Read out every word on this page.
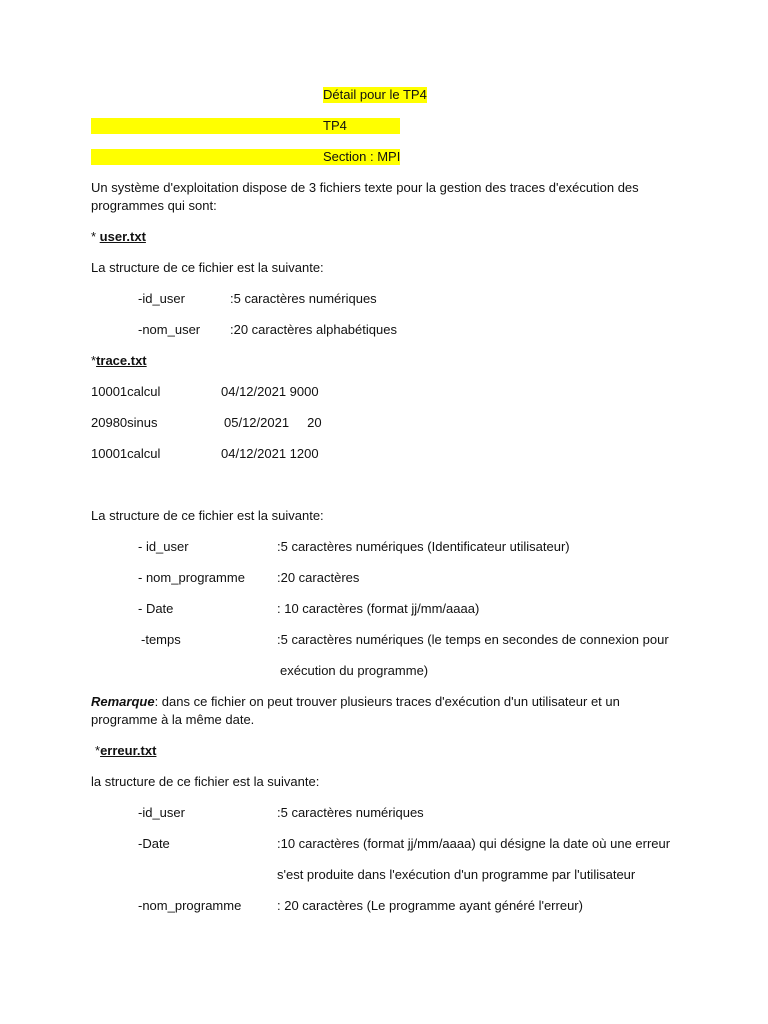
Détail pour le TP4
TP4
Section : MPI
Un système d'exploitation dispose de 3 fichiers texte pour la gestion des traces d'exécution des programmes qui sont:
* user.txt
La structure de ce fichier est la suivante:
-id_user	:5 caractères numériques
-nom_user :20 caractères alphabétiques
*trace.txt
10001calcul	04/12/2021 9000
20980sinus	05/12/2021     20
10001calcul	04/12/2021 1200
La structure de ce fichier est la suivante:
- id_user	:5 caractères numériques (Identificateur utilisateur)
- nom_programme :20 caractères
- Date	: 10 caractères (format jj/mm/aaaa)
-temps	:5 caractères numériques (le temps en secondes de connexion pour
exécution du programme)
Remarque: dans ce fichier on peut trouver plusieurs traces d'exécution d'un utilisateur et un programme à la même date.
*erreur.txt
la structure de ce fichier est la suivante:
-id_user	:5 caractères numériques
-Date	:10 caractères (format jj/mm/aaaa) qui désigne la date où une erreur
s'est produite dans l'exécution d'un programme par l'utilisateur
-nom_programme	: 20 caractères (Le programme ayant généré l'erreur)
